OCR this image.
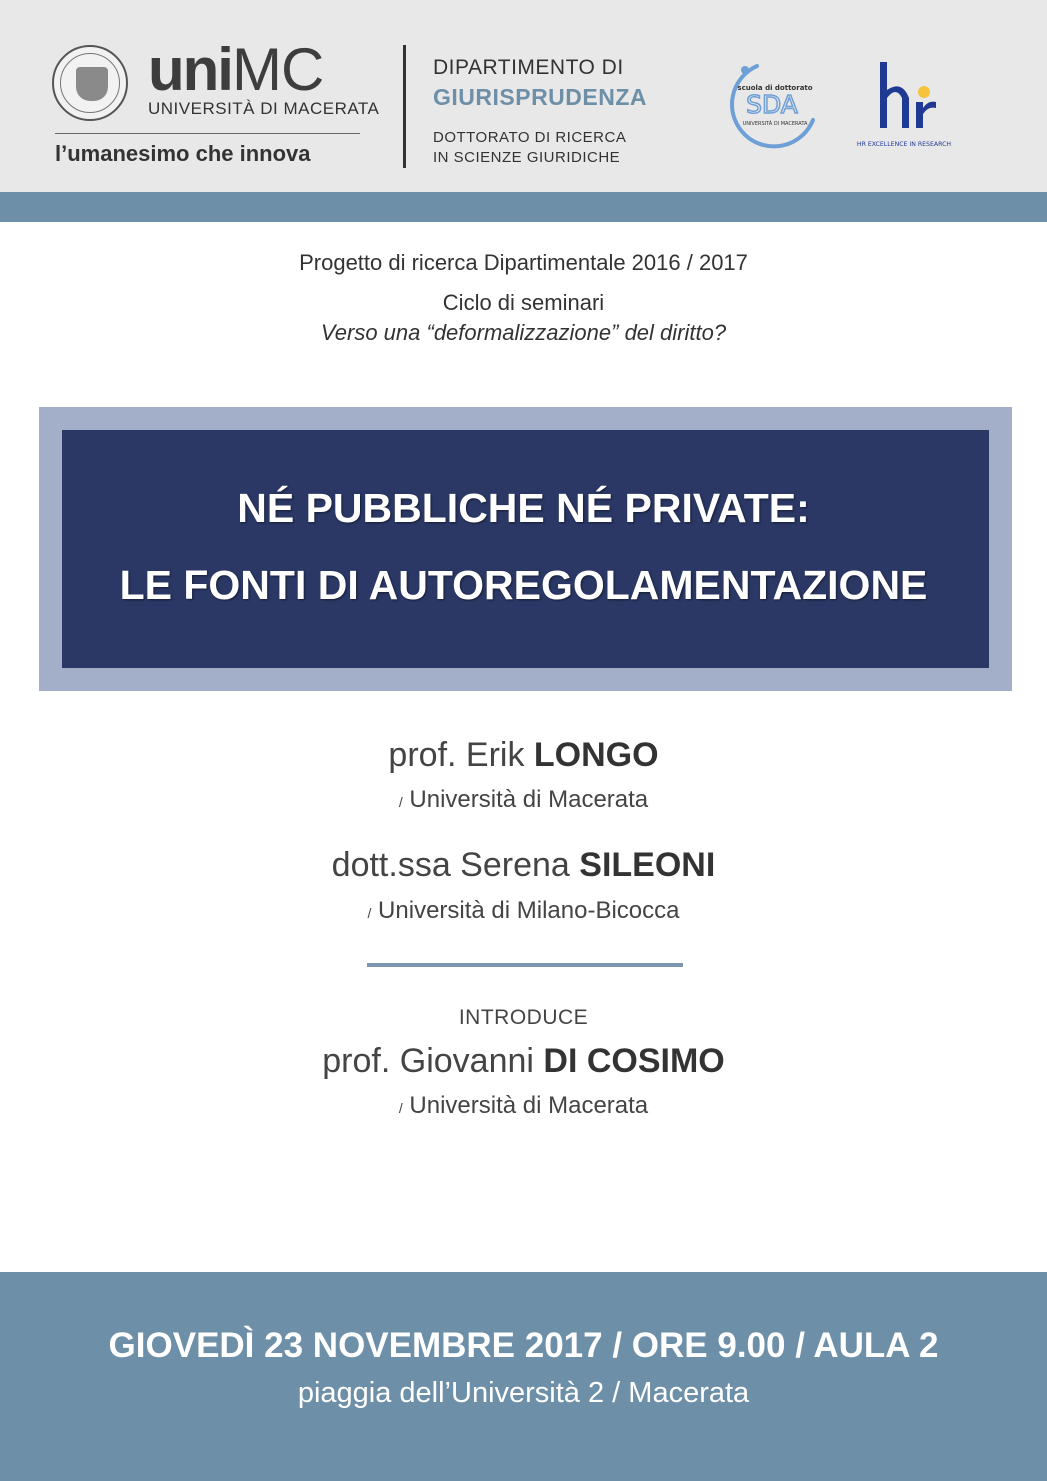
uniMC
UNIVERSITÀ DI MACERATA
l’umanesimo che innova
DIPARTIMENTO DI
GIURISPRUDENZA
DOTTORATO DI RICERCA
IN SCIENZE GIURIDICHE
scuola di dottorato
SDA
UNIVERSITÀ DI MACERATA
HR EXCELLENCE IN RESEARCH
Progetto di ricerca Dipartimentale 2016 / 2017
Ciclo di seminari
Verso una “deformalizzazione” del diritto?
NÉ PUBBLICHE NÉ PRIVATE:
LE FONTI DI AUTOREGOLAMENTAZIONE
prof. Erik LONGO
/ Università di Macerata
dott.ssa Serena SILEONI
/ Università di Milano-Bicocca
INTRODUCE
prof. Giovanni DI COSIMO
/ Università di Macerata
GIOVEDÌ 23 NOVEMBRE 2017 / ORE 9.00 / AULA 2
piaggia dell’Università 2 / Macerata
